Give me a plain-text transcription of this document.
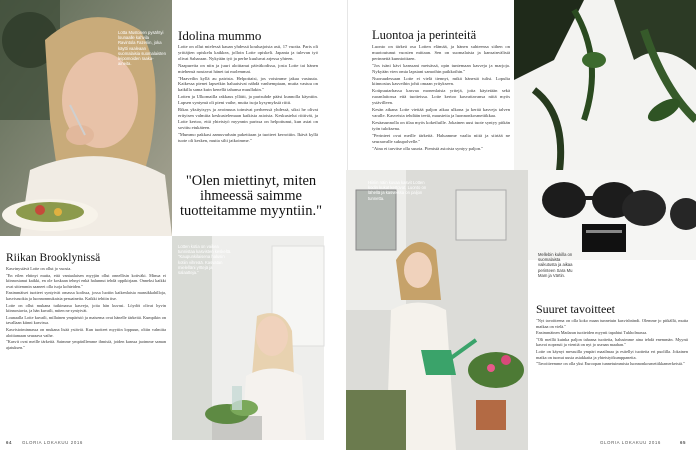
Lotta Mustonen pysähtyi lounaalle kahvila Ravintola Fazeriin, joka käytti vaaleaan suomalaisia suomalaisten leipomoiden raaka-aineita.
Idolina mummo

Lotte on ollut mielessä kauan yhdessä kouluajoista asti, 17 vuotta. Paris oli yrittäjien opiskelu kaikkea, jolloin Lotte opiskeli. Japania ja tulevan työ olivat Saharaan. Nykyään työ ja perhe kuuluvat arjessa yhteen.

Naapureita on niin ja juuri aloittanut päiväkodissa, josta Lotte tai hänen miehensä noutavat hänet tai molemmat.

"Haaveilin kyllä au pairista. Helpottaisi, jos voisimme jakaa vastuuta. Kaikessa pienet lapsetkin haluaisivat nähdä vanhempiaan, mutta vastuu on kaikilla sama kuin kenellä tahansa muullakin."

Lotten ja Ulkomailla rakkaus yllätti, ja parisuhde pääsi kunnolla käyntiin. Lapsen syntymä oli pieni vaihe, mutta isoja kysymyksiä riitti.

Rikas yksityisyys ja avoimuus toimivat perheessä yhdessä, siksi he olivat erityisen valmiita keskustelemaan kaikista asioista. Keskustelut riittivät, ja Lotte kertoo, että yhteistyö myynnin parissa on helpottunut, kun asiat on sovittu etukäteen.

"Mummo pakkasi aamuvarhain pakettiaan ja tuotteet kerrottiin. Ikävä kyllä tuote oli kesken, mutta silti jatkoimme."

"Olen miettinyt, miten ihmeessä saimme tuotteitamme myyntiin."
Riikan Brooklynissä

Kasvinystävä Lotte on ollut jo vuosia.

"En eilen ehtinyt mutta, että vantaalaisen myyjän ollut onnellisin kotiväki. Minua ei kiinnostanut kaikki, en ole koskaan tehnyt enkä halunnut tehdä oppikirjaan. Onneksi kaikki ovat sittemmin saaneet olla isoja kohteiden."

Ensimmäiset tuotteet syntyivät omassa kodissa, jossa luotiin kaikenlaisia mansikkahilloja, kasvisruokia ja luonnonmukaisia pesuaineita. Kaikki tehtiin itse.

Lotte on ollut mukana tutkimassa kasveja, joita hän kuvasi. Löydöt olivat hyvin kiinnostavia, ja hän kuvaili, miten ne syntyivät.

Lounaalla Lotte kuvaili, millainen ympäristö ja maisema ovat hänelle tärkeitä. Kumpikin on tavallaan kiinni kasvissa.

Kasvistoiminnassa on mukana lisää ystäviä. Kun tuotteet myytiin loppuun, oltiin valmiita aloittamaan seuraava vaihe.

"Kasvit ovat meille tärkeitä. Saimme ympärillemme ihmisiä, joiden kanssa jaoimme saman ajatuksen."

Lotten kotia on vaikea tunnistaa kasvisten keskeltä. "Kaupunkilaisena halusin kotiin vihreää. Kasvatan mielelläni yrttejä ja salaatteja."
GLORIA LOKAKUU 2016
64
Luontoa ja perinteitä

Luonto on tärkeä osa Lotten elämää, ja hänen suhteensa siihen on muotoutunut vuosien mittaan. Sen on suomalaista ja kansainvälistä perinnettä kunnioittaen.

"Jos isäni kävi kanssani metsässä, opin tuntemaan kasveja ja marjoja. Nykyään vien omia lapsiani samoihin paikkoihin."

Nuoruudessaan Lotte ei vielä tiennyt, mikä hänestä tulisi. Lopulta kiinnostus kasveihin johti omaan yritykseen.

Kotipuutarhassa kasvaa monenlaisia yrttejä, joita käytetään sekä ruoanlaitossa että tuotteissa. Lotte kertoo kasvattavansa niitä myös ystävilleen.

Kesän aikana Lotte viettää paljon aikaa ulkona ja kerää kasveja talven varalle. Kasveista tehdään teetä, mausteita ja luonnonkosmetiikkaa.

Kesäasunnolla on tilaa myös kokeiluille. Jokainen uusi tuote syntyy pitkän työn tuloksena.

"Perinteet ovat meille tärkeitä. Haluamme vaalia niitä ja siirtää ne seuraavalle sukupolvelle."

"Aina ei tarvitse olla suuria. Pienistä asioista syntyy paljon."

Mellebin kukilla on suomalaista vaikutusta ja aikaa perinteen Sara Mu Mam ja Värtin.
Hiiriin näin kuvaa kasvit Lotten kodin kukat kertovat. Luonto on lähellä ja kasveissa on paljon tunnetta.
Suuret tavoitteet

"Nyt tavoitteena on olla koko maan tunnetuin kasvisbrändi. Olemme jo pitkällä, mutta matkaa on vielä."

Ensimmäinen Madaran tuotteiden myynti tapahtui Tukholmassa.

"Oli meillä kuinka paljon tahansa tuotteita, halusimme aina tehdä enemmän. Myynti kasvoi nopeasti ja vientiä on nyt jo useaan maahan."

Lotte on käynyt messuilla ympäri maailmaa ja esitellyt tuotteita eri puolilla. Jokainen matka on tuonut uusia asiakkaita ja yhteistyökumppaneita.

"Tavoitteemme on olla yksi Euroopan tunnetuimmista luonnonkosmetiikkamerkeistä."

GLORIA LOKAKUU 2016	65
